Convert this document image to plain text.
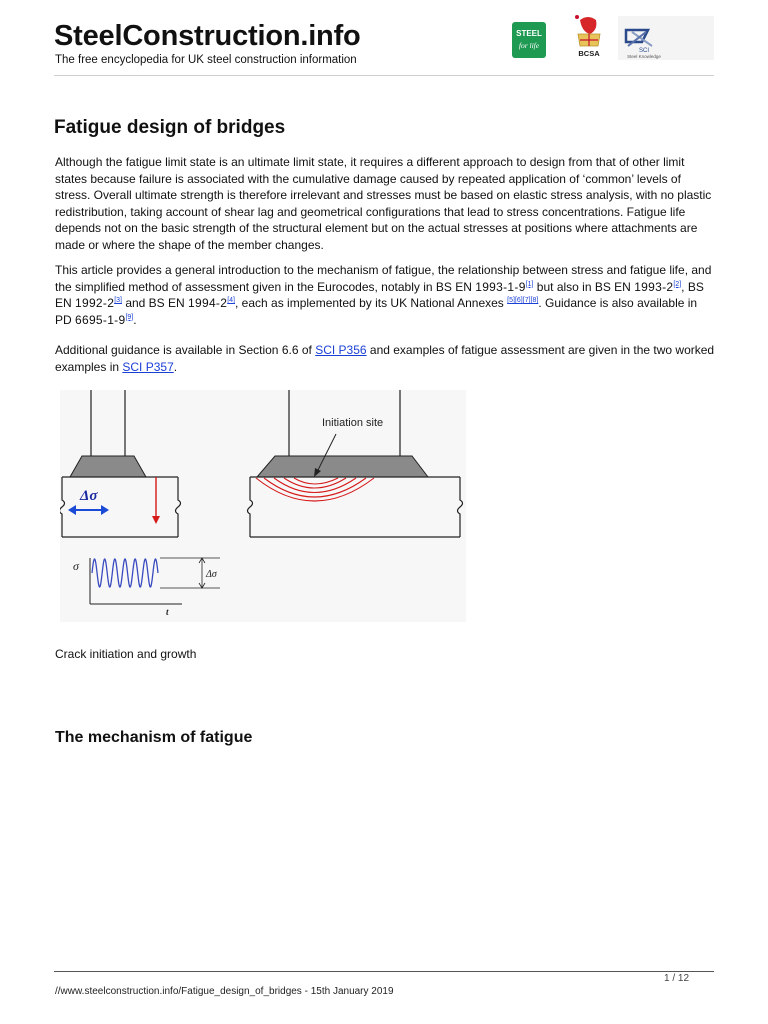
SteelConstruction.info
The free encyclopedia for UK steel construction information
STEEL
for life
BCSA	SCI
Steel Knowledge
Fatigue design of bridges
Although the fatigue limit state is an ultimate limit state, it requires a different approach to design from that of other limit states because failure is associated with the cumulative damage caused by repeated application of ‘common’ levels of stress. Overall ultimate strength is therefore irrelevant and stresses must be based on elastic stress analysis, with no plastic redistribution, taking account of shear lag and geometrical configurations that lead to stress concentrations. Fatigue life depends not on the basic strength of the structural element but on the actual stresses at positions where attachments are made or where the shape of the member changes.
This article provides a general introduction to the mechanism of fatigue, the relationship between stress and fatigue life, and the simplified method of assessment given in the Eurocodes, notably in BS EN 1993-1-9[1] but also in BS EN 1993-2[2], BS EN 1992-2[3] and BS EN 1994-2[4], each as implemented by its UK National Annexes [5][6][7][8]. Guidance is also available in PD 6695-1-9[9].
Additional guidance is available in Section 6.6 of SCI P356 and examples of fatigue assessment are given in the two worked examples in SCI P357.
Δσ
σ
Δσ
t
Initiation site
Crack initiation and growth
The mechanism of fatigue
1 / 12
//www.steelconstruction.info/Fatigue_design_of_bridges - 15th January 2019
